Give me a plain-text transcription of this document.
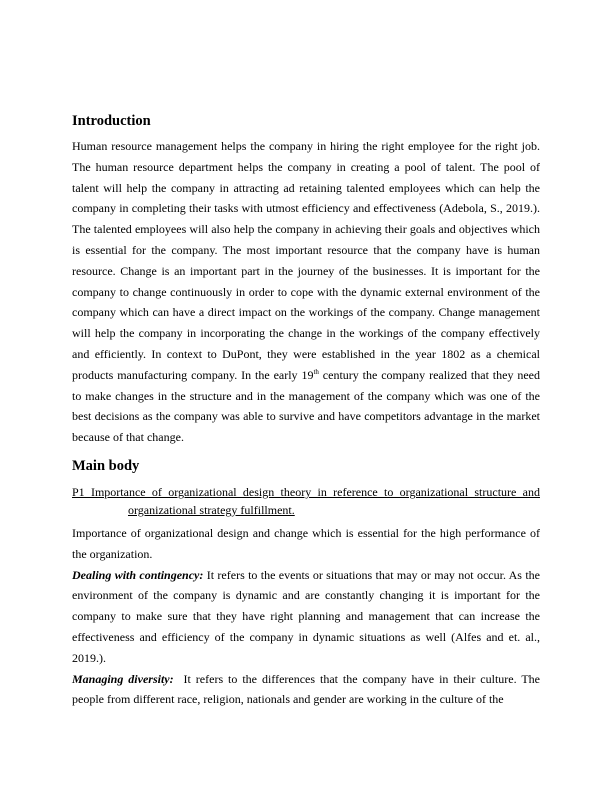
Introduction

Human resource management helps the company in hiring the right employee for the right job. The human resource department helps the company in creating a pool of talent. The pool of talent will help the company in attracting ad retaining talented employees which can help the company in completing their tasks with utmost efficiency and effectiveness (Adebola, S., 2019.). The talented employees will also help the company in achieving their goals and objectives which is essential for the company. The most important resource that the company have is human resource. Change is an important part in the journey of the businesses. It is important for the company to change continuously in order to cope with the dynamic external environment of the company which can have a direct impact on the workings of the company. Change management will help the company in incorporating the change in the workings of the company effectively and efficiently. In context to DuPont, they were established in the year 1802 as a chemical products manufacturing company. In the early 19th century the company realized that they need to make changes in the structure and in the management of the company which was one of the best decisions as the company was able to survive and have competitors advantage in the market because of that change.

Main body

P1 Importance of organizational design theory in reference to organizational structure and organizational strategy fulfillment.

Importance of organizational design and change which is essential for the high performance of the organization.

Dealing with contingency: It refers to the events or situations that may or may not occur. As the environment of the company is dynamic and are constantly changing it is important for the company to make sure that they have right planning and management that can increase the effectiveness and efficiency of the company in dynamic situations as well (Alfes and et. al., 2019.).

Managing diversity:  It refers to the differences that the company have in their culture. The people from different race, religion, nationals and gender are working in the culture of the
